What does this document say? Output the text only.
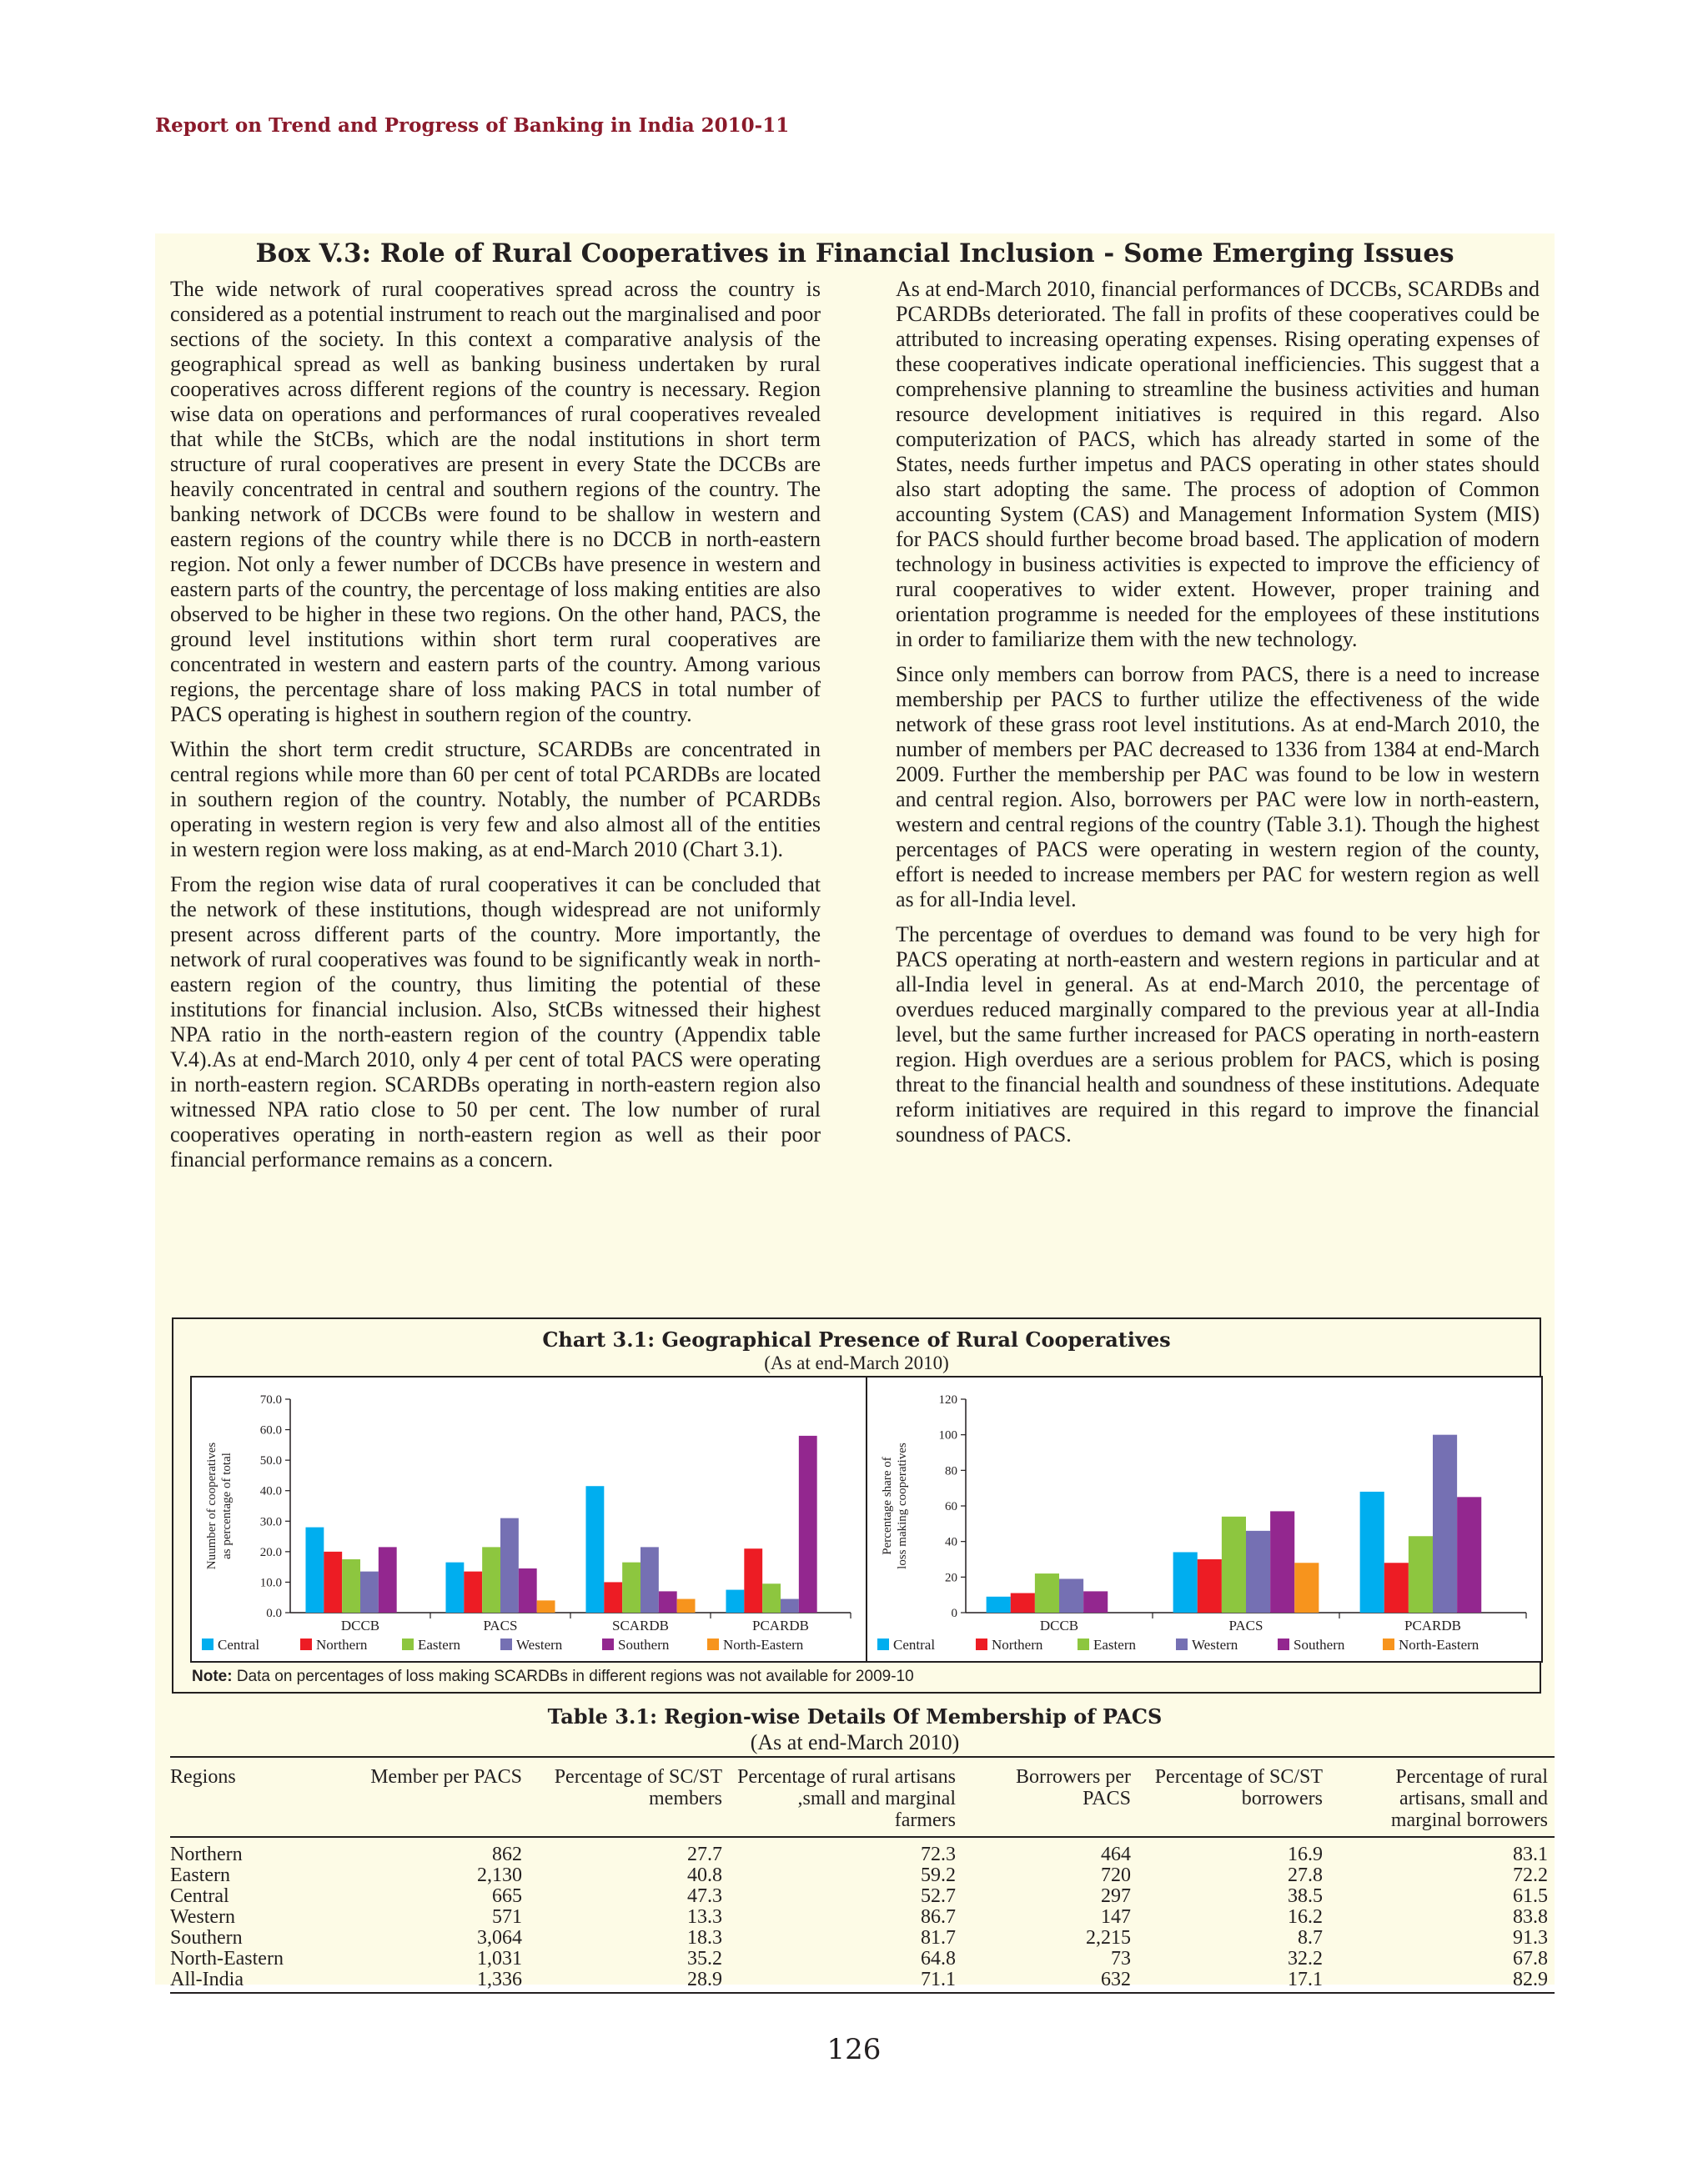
Report on Trend and Progress of Banking in India 2010-11
Box V.3: Role of Rural Cooperatives in Financial Inclusion - Some Emerging Issues

The wide network of rural cooperatives spread across the country is considered as a potential instrument to reach out the marginalised and poor sections of the society. In this context a comparative analysis of the geographical spread as well as banking business undertaken by rural cooperatives across different regions of the country is necessary. Region wise data on operations and performances of rural cooperatives revealed that while the StCBs, which are the nodal institutions in short term structure of rural cooperatives are present in every State the DCCBs are heavily concentrated in central and southern regions of the country. The banking network of DCCBs were found to be shallow in western and eastern regions of the country while there is no DCCB in north-eastern region. Not only a fewer number of DCCBs have presence in western and eastern parts of the country, the percentage of loss making entities are also observed to be higher in these two regions. On the other hand, PACS, the ground level institutions within short term rural cooperatives are concentrated in western and eastern parts of the country. Among various regions, the percentage share of loss making PACS in total number of PACS operating is highest in southern region of the country.

Within the short term credit structure, SCARDBs are concentrated in central regions while more than 60 per cent of total PCARDBs are located in southern region of the country. Notably, the number of PCARDBs operating in western region is very few and also almost all of the entities in western region were loss making, as at end-March 2010 (Chart 3.1).

From the region wise data of rural cooperatives it can be concluded that the network of these institutions, though widespread are not uniformly present across different parts of the country. More importantly, the network of rural cooperatives was found to be significantly weak in north-eastern region of the country, thus limiting the potential of these institutions for financial inclusion. Also, StCBs witnessed their highest NPA ratio in the north-eastern region of the country (Appendix table V.4).As at end-March 2010, only 4 per cent of total PACS were operating in north-eastern region. SCARDBs operating in north-eastern region also witnessed NPA ratio close to 50 per cent. The low number of rural cooperatives operating in north-eastern region as well as their poor financial performance remains as a concern.

As at end-March 2010, financial performances of DCCBs, SCARDBs and PCARDBs deteriorated. The fall in profits of these cooperatives could be attributed to increasing operating expenses. Rising operating expenses of these cooperatives indicate operational inefficiencies. This suggest that a comprehensive planning to streamline the business activities and human resource development initiatives is required in this regard. Also computerization of PACS, which has already started in some of the States, needs further impetus and PACS operating in other states should also start adopting the same. The process of adoption of Common accounting System (CAS) and Management Information System (MIS) for PACS should further become broad based. The application of modern technology in business activities is expected to improve the efficiency of rural cooperatives to wider extent. However, proper training and orientation programme is needed for the employees of these institutions in order to familiarize them with the new technology.

Since only members can borrow from PACS, there is a need to increase membership per PACS to further utilize the effectiveness of the wide network of these grass root level institutions. As at end-March 2010, the number of members per PAC decreased to 1336 from 1384 at end-March 2009. Further the membership per PAC was found to be low in western and central region. Also, borrowers per PAC were low in north-eastern, western and central regions of the country (Table 3.1). Though the highest percentages of PACS were operating in western region of the county, effort is needed to increase members per PAC for western region as well as for all-India level.

The percentage of overdues to demand was found to be very high for PACS operating at north-eastern and western regions in particular and at all-India level in general. As at end-March 2010, the percentage of overdues reduced marginally compared to the previous year at all-India level, but the same further increased for PACS operating in north-eastern region. High overdues are a serious problem for PACS, which is posing threat to the financial health and soundness of these institutions. Adequate reform initiatives are required in this regard to improve the financial soundness of PACS.

Chart 3.1: Geographical Presence of Rural Cooperatives
(As at end-March 2010)
0.0
10.0
20.0
30.0
40.0
50.0
60.0
70.0
Nuumber of cooperatives as percentage of total
DCCB	PACS	SCARDB	PCARDB
Central	Northern	Eastern	Western	Southern	North-Eastern
0
20
40
60
80
100
120
Percentage share of loss making cooperatives
DCCB	PACS	PCARDB
Central	Northern	Eastern	Western	Southern	North-Eastern
Note: Data on percentages of loss making SCARDBs in different regions was not available for 2009-10
Table 3.1: Region-wise Details Of Membership of PACS
(As at end-March 2010)
Regions	Member per PACS	Percentage of SC/ST members	Percentage of rural artisans ,small and marginal farmers	Borrowers per PACS	Percentage of SC/ST borrowers	Percentage of rural artisans, small and marginal borrowers
Northern	862	27.7	72.3	464	16.9	83.1
Eastern	2,130	40.8	59.2	720	27.8	72.2
Central	665	47.3	52.7	297	38.5	61.5
Western	571	13.3	86.7	147	16.2	83.8
Southern	3,064	18.3	81.7	2,215	8.7	91.3
North-Eastern	1,031	35.2	64.8	73	32.2	67.8
All-India	1,336	28.9	71.1	632	17.1	82.9
126
